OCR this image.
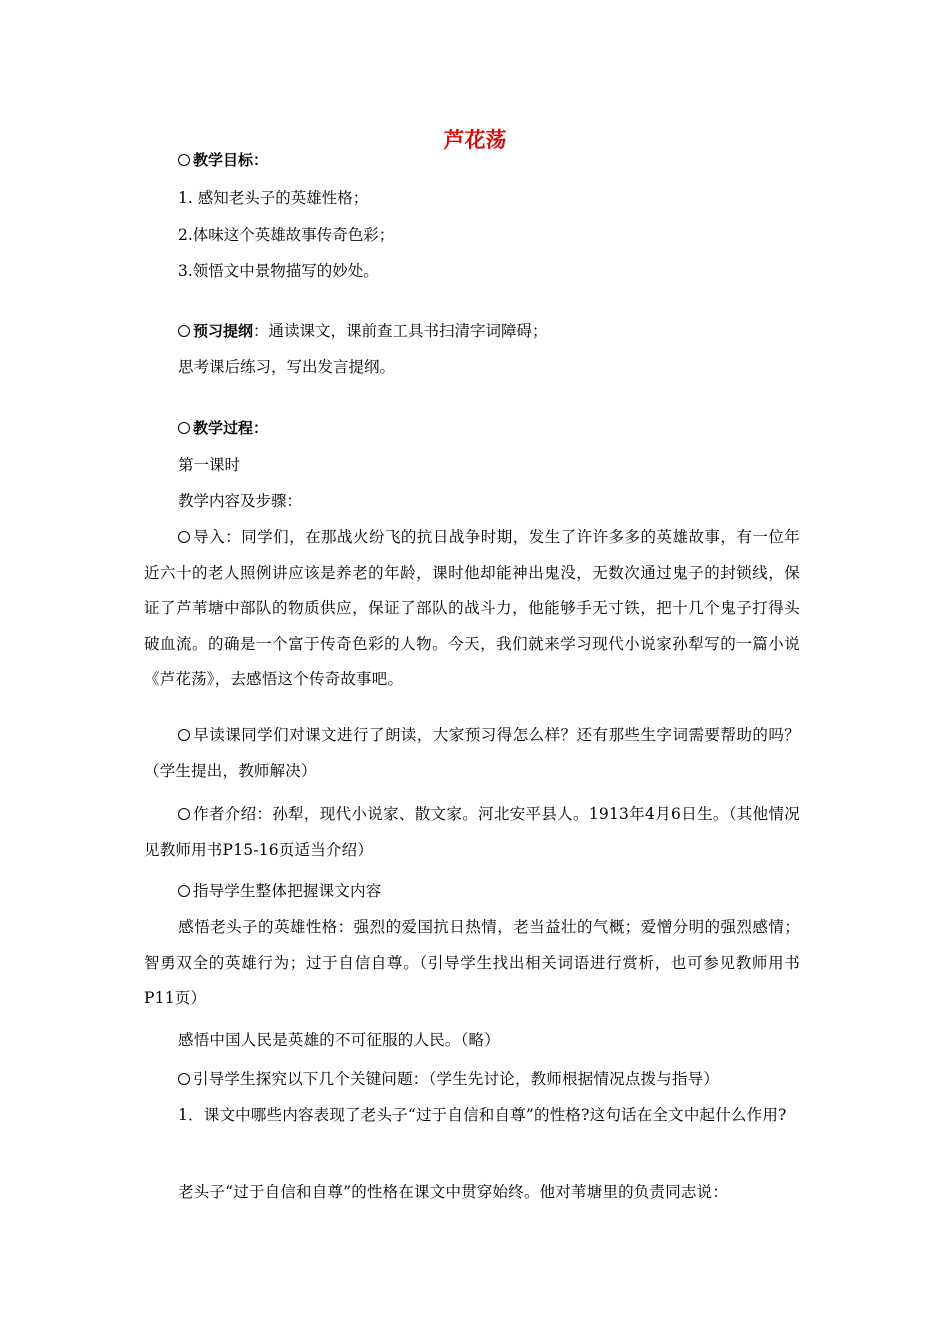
芦花荡
教学目标：
1. 感知老头子的英雄性格；
2.体味这个英雄故事传奇色彩；
3.领悟文中景物描写的妙处。
预习提纲：通读课文，课前查工具书扫清字词障碍；
思考课后练习，写出发言提纲。
教学过程：
第一课时
教学内容及步骤：
导入：同学们，在那战火纷飞的抗日战争时期，发生了许许多多的英雄故事，有一位年近六十的老人照例讲应该是养老的年龄，课时他却能神出鬼没，无数次通过鬼子的封锁线，保证了芦苇塘中部队的物质供应，保证了部队的战斗力，他能够手无寸铁，把十几个鬼子打得头破血流。的确是一个富于传奇色彩的人物。今天，我们就来学习现代小说家孙犁写的一篇小说《芦花荡》，去感悟这个传奇故事吧。
早读课同学们对课文进行了朗读，大家预习得怎么样？还有那些生字词需要帮助的吗？（学生提出，教师解决）
作者介绍：孙犁，现代小说家、散文家。河北安平县人。1913年4月6日生。（其他情况见教师用书P15-16页适当介绍）
指导学生整体把握课文内容
感悟老头子的英雄性格：强烈的爱国抗日热情，老当益壮的气概；爱憎分明的强烈感情；智勇双全的英雄行为；过于自信自尊。（引导学生找出相关词语进行赏析，也可参见教师用书P11页）
感悟中国人民是英雄的不可征服的人民。（略）
引导学生探究以下几个关键问题：（学生先讨论，教师根据情况点拨与指导）
1．课文中哪些内容表现了老头子“过于自信和自尊”的性格?这句话在全文中起什么作用?
老头子“过于自信和自尊”的性格在课文中贯穿始终。他对苇塘里的负责同志说：
